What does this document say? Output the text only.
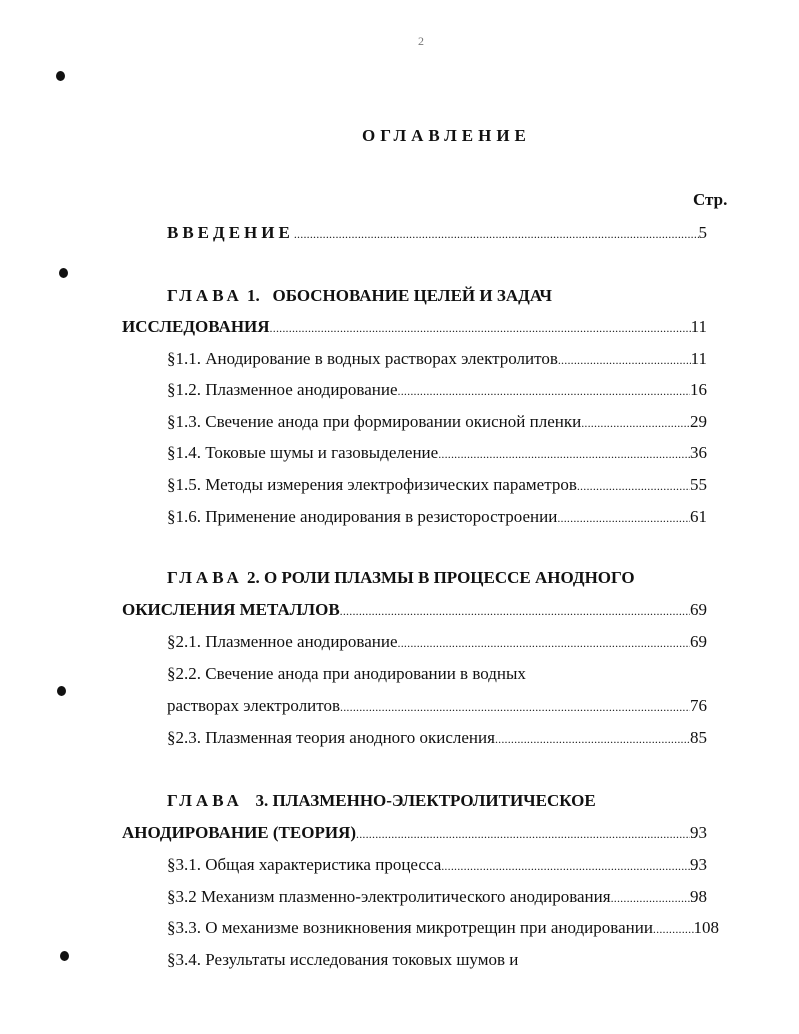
2
ОГЛАВЛЕНИЕ
Стр.
ВВЕДЕНИЕ .....	5
ГЛАВА 1. ОБОСНОВАНИЕ ЦЕЛЕЙ И ЗАДАЧ
ИССЛЕДОВАНИЯ .....	11
§1.1. Анодирование в водных растворах электролитов .....	11
§1.2. Плазменное анодирование .....	16
§1.3. Свечение анода при формировании окисной пленки .....	29
§1.4. Токовые шумы и газовыделение .....	36
§1.5. Методы измерения электрофизических параметров .....	55
§1.6. Применение анодирования в резисторостроении .....	61
ГЛАВА 2. О РОЛИ ПЛАЗМЫ В ПРОЦЕССЕ АНОДНОГО
ОКИСЛЕНИЯ МЕТАЛЛОВ .....	69
§2.1. Плазменное анодирование .....	69
§2.2. Свечение анода при анодировании в водных
растворах электролитов .....	76
§2.3. Плазменная теория анодного окисления .....	85
ГЛАВА 3. ПЛАЗМЕННО-ЭЛЕКТРОЛИТИЧЕСКОЕ
АНОДИРОВАНИЕ (ТЕОРИЯ) .....	93
§3.1. Общая характеристика процесса .....	93
§3.2 Механизм плазменно-электролитического анодирования .....	98
§3.3. О механизме возникновения микротрещин при анодировании ..... 108
§3.4. Результаты исследования токовых шумов и
